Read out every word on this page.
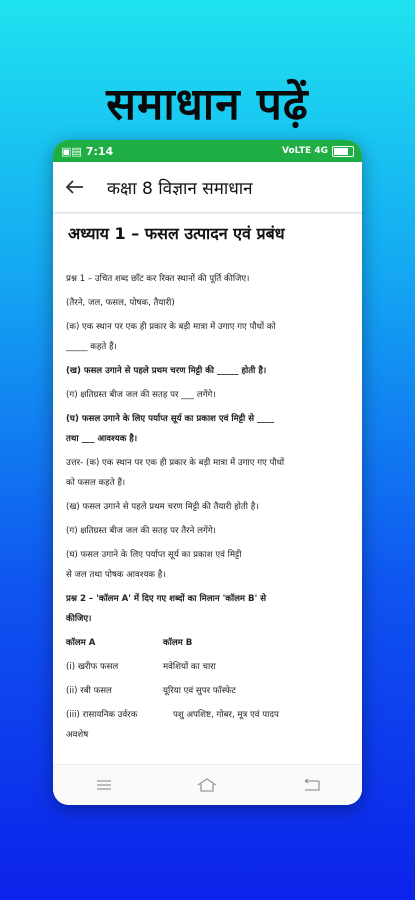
समाधान पढ़ें
▣▤ 7:14	VoLTE 4G
कक्षा 8 विज्ञान समाधान
अध्याय 1 – फसल उत्पादन एवं प्रबंध
प्रश्न 1 – उचित शब्द छाँट कर रिक्त स्थानों की पूर्ति कीजिए।
(तैरने, जल, फसल, पोषक, तैयारी)
(क) एक स्थान पर एक ही प्रकार के बड़ी मात्रा में उगाए गए पौधों को
_____ कहते हैं।
(ख) फसल उगाने से पहले प्रथम चरण मिट्टी की _____ होती है।
(ग) क्षतिग्रस्त बीज जल की सतह पर ___ लगेंगे।
(घ) फसल उगाने के लिए पर्याप्त सूर्य का प्रकाश एवं मिट्टी से ____
तथा ___ आवश्यक है।
उत्तर- (क) एक स्थान पर एक ही प्रकार के बड़ी मात्रा में उगाए गए पौधों
को फसल कहते हैं।
(ख) फसल उगाने से पहले प्रथम चरण मिट्टी की तैयारी होती है।
(ग) क्षतिग्रस्त बीज जल की सतह पर तैरने लगेंगे।
(घ) फसल उगाने के लिए पर्याप्त सूर्य का प्रकाश एवं मिट्टी
से जल तथा पोषक आवश्यक है।
प्रश्न 2 – 'कॉलम A' में दिए गए शब्दों का मिलान 'कॉलम B' से
कीजिए।
कॉलम A	कॉलम B
(i) खरीफ फसल	मवेशियों का चारा
(ii) रबी फसल	यूरिया एवं सुपर फॉस्फेट
(iii) रासायनिक उर्वरक	पशु अपशिष्ट, गोबर, मूत्र एवं पादप
अवशेष
